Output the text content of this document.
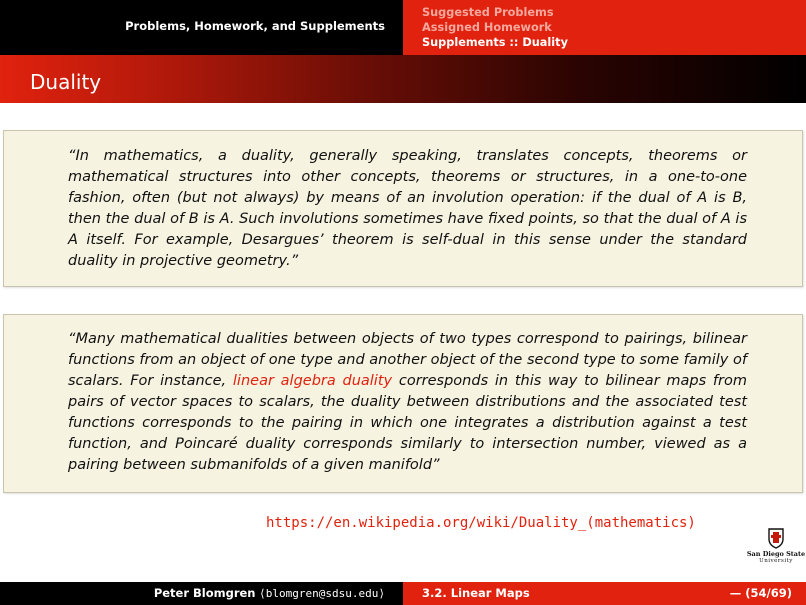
Problems, Homework, and Supplements
Suggested Problems
Assigned Homework
Supplements :: Duality
Duality

“In mathematics, a duality, generally speaking, translates concepts, theorems or mathematical structures into other concepts, theorems or structures, in a one-to-one fashion, often (but not always) by means of an involution operation: if the dual of A is B, then the dual of B is A. Such involutions sometimes have fixed points, so that the dual of A is A itself. For example, Desargues’ theorem is self-dual in this sense under the standard duality in projective geometry.”

“Many mathematical dualities between objects of two types correspond to pairings, bilinear functions from an object of one type and another object of the second type to some family of scalars. For instance, linear algebra duality corresponds in this way to bilinear maps from pairs of vector spaces to scalars, the duality between distributions and the associated test functions corresponds to the pairing in which one integrates a distribution against a test function, and Poincaré duality corresponds similarly to intersection number, viewed as a pairing between submanifolds of a given manifold”

https://en.wikipedia.org/wiki/Duality_(mathematics)
San Diego State
University
Peter Blomgren ⟨blomgren@sdsu.edu⟩	3.2. Linear Maps	— (54/69)
